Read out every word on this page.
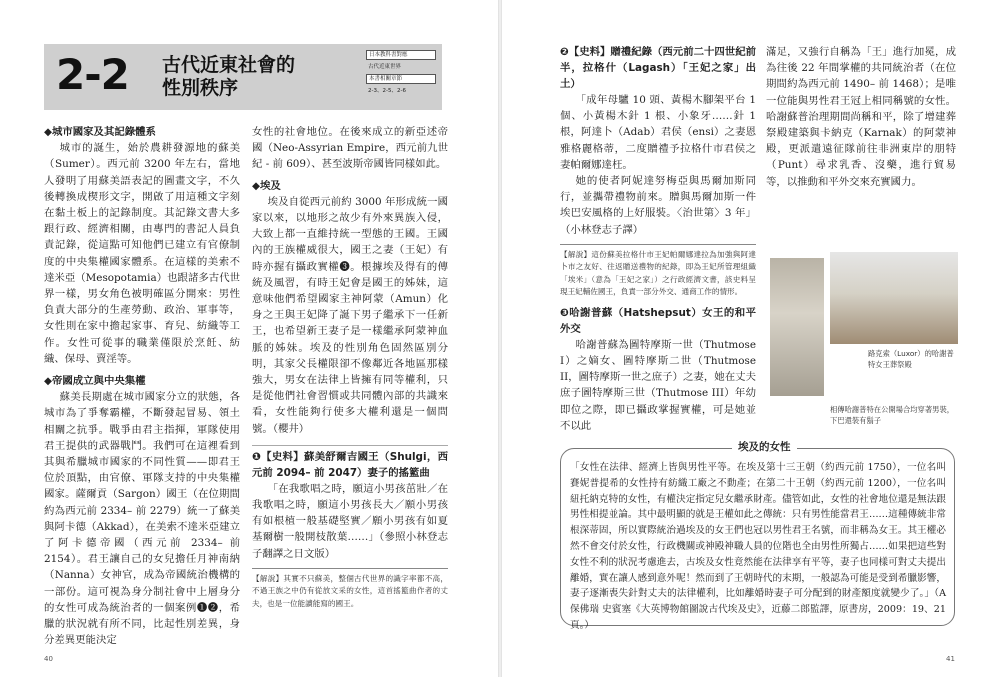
2-2 古代近東社會的
性別秩序
日本教科書對應
古代近東世界
本書相關章節
2-3、2-5、2-6
◆城市國家及其記錄體系

城市的誕生，始於農耕發源地的蘇美（Sumer）。西元前 3200 年左右，當地人發明了用蘇美語表記的圖畫文字，不久後轉換成楔形文字，開啟了用這種文字刻在黏土板上的記錄制度。其記錄文書大多跟行政、經濟相關，由專門的書記人員負責記錄，從這點可知他們已建立有官僚制度的中央集權國家體系。在這樣的美索不達米亞（Mesopotamia）也跟諸多古代世界一樣，男女角色被明確區分開來：男性負責大部分的生產勞動、政治、軍事等，女性則在家中擔起家事、育兒、紡織等工作。女性可從事的職業僅限於烹飪、紡織、保母、賣淫等。

◆帝國成立與中央集權

蘇美長期處在城市國家分立的狀態，各城市為了爭奪霸權，不斷發起冒易、領土相關之抗爭。戰爭由君主指揮，軍隊使用君王提供的武器戰鬥。我們可在這裡看到其與希臘城市國家的不同性質——即君王位於頂點，由官僚、軍隊支持的中央集權國家。薩爾貢（Sargon）國王（在位期間約為西元前 2334– 前 2279）統一了蘇美與阿卡德（Akkad），在美索不達米亞建立了阿卡德帝國（西元前 2334– 前 2154）。君王讓自己的女兒擔任月神南納（Nanna）女神官，成為帝國統治機構的一部份。這可視為身分制社會中上層身分的女性可成為統治者的一個案例❶❷，希臘的狀況就有所不同，比起性別差異，身分差異更能決定

女性的社會地位。在後來成立的新亞述帝國（Neo-Assyrian Empire，西元前九世紀 - 前 609）、甚至波斯帝國皆同樣如此。

◆埃及

埃及自從西元前約 3000 年形成統一國家以來，以地形之故少有外來異族入侵，大致上都一直維持統一型態的王國。王國內的王族權威很大，國王之妻（王妃）有時亦握有攝政實權❸。根據埃及得有的傳統及風習，有時王妃會是國王的姊妹，這意味他們希望國家主神阿蒙（Amun）化身之王與王妃降了誕下男子繼承下一任新王，也希望新王妻子是一樣繼承阿蒙神血脈的姊妹。埃及的性別角色固然區別分明，其家父長權限卻不像鄰近各地區那樣強大，男女在法律上皆擁有同等權利，只是從他們社會習慣或共同體內部的共識來看，女性能夠行使多大權利還是一個問號。（櫻井）

❶【史料】蘇美舒爾吉國王（Shulgi，西元前 2094– 前 2047）妻子的搖籃曲

「在我歌唱之時，願這小男孩茁壯／在我歌唱之時，願這小男孩長大／願小男孩有如根植一般基礎堅實／願小男孩有如夏基爾樹一般開枝散葉……」（參照小林登志子翻譯之日文版）

【解說】其實不只蘇美，整個古代世界的識字率都不高，不過王族之中仍有從放文采的女性，這首搖籃曲作者的丈夫，也是一位能讀能寫的國王。
40
❷【史料】贈禮紀錄（西元前二十四世紀前半，拉格什（Lagash）「王妃之家」出土）

「成年母驢 10 頭、黃楊木腳架平台 1 個、小黃楊木針 1 根、小象牙……針 1 根，阿達卜（Adab）君侯（ensi）之妻恩雅格麗格蒂，二度贈禮予拉格什市君侯之妻帕爾娜達枉。

她的使者阿妮達努梅亞與馬爾加斯同行，並攜帶禮物前來。贈與馬爾加斯一件埃巴安風格的上好服裝。〈治世第〉3 年」（小林登志子譯）

【解說】這份蘇美拉格什市王妃帕爾娜達拉為加強與阿達卜市之友好、往返贈送禮物的紀錄，即為王妃所管理組織「埃米」（意為「王妃之家」）之行政經濟文書，該史料呈現王妃輔佐國王，負責一部分外交、通商工作的情形。
❸哈謝普蘇（Hatshepsut）女王的和平外交

哈謝普蘇為圖特摩斯一世（Thutmose I）之嫡女、圖特摩斯二世（Thutmose II，圖特摩斯一世之庶子）之妻，她在丈夫庶子圖特摩斯三世（Thutmose III）年幼即位之際，即已攝政掌握實權，可是她並不以此

滿足，又強行自稱為「王」進行加冕，成為往後 22 年間掌權的共同統治者（在位期間約為西元前 1490– 前 1468）；是唯一位能與男性君王冠上相同稱號的女性。哈謝蘇普治理期間尚稱和平，除了增建葬祭殿建築與卡納克（Karnak）的阿蒙神殿，更派遣遠征隊前往非洲東岸的朋特（Punt）尋求乳香、沒藥，進行貿易等，以推動和平外交來充實國力。

路克索（Luxor）的哈謝普特女王葬祭殿
相傳哈謝普特在公開場合均穿著男裝，下巴還裝有鬍子
埃及的女性
「女性在法律、經濟上皆與男性平等。在埃及第十三王朝（約西元前 1750），一位名叫賽妮普提希的女性持有紡織工廠之不動產；在第二十王朝（約西元前 1200），一位名叫紐托納克特的女性，有權決定指定兒女繼承財產。儘管如此，女性的社會地位還是無法跟男性相提並論。其中最明顯的就是王權如此之傳統：只有男性能當君王……這種傳統非常根深蒂固，所以實際統治過埃及的女王們也冠以男性君王名號，而非稱為女王。其王權必然不會交付於女性，行政機關或神殿神職人員的位階也全由男性所獨占……如果把這些對女性不利的狀況考慮進去，古埃及女性竟然能在法律享有平等，妻子也同樣可對丈夫提出離婚，實在讓人感到意外呢！然而到了王朝時代的末期，一般認為可能是受到希臘影響，妻子逐漸喪失針對丈夫的法律權利，比如離婚時妻子可分配到的財產額度就變少了。」（A 保佛瑞 史賓塞《大英博物館圖說古代埃及史》，近藤二郎監譯，原書房，2009：19、21 頁。）
41
